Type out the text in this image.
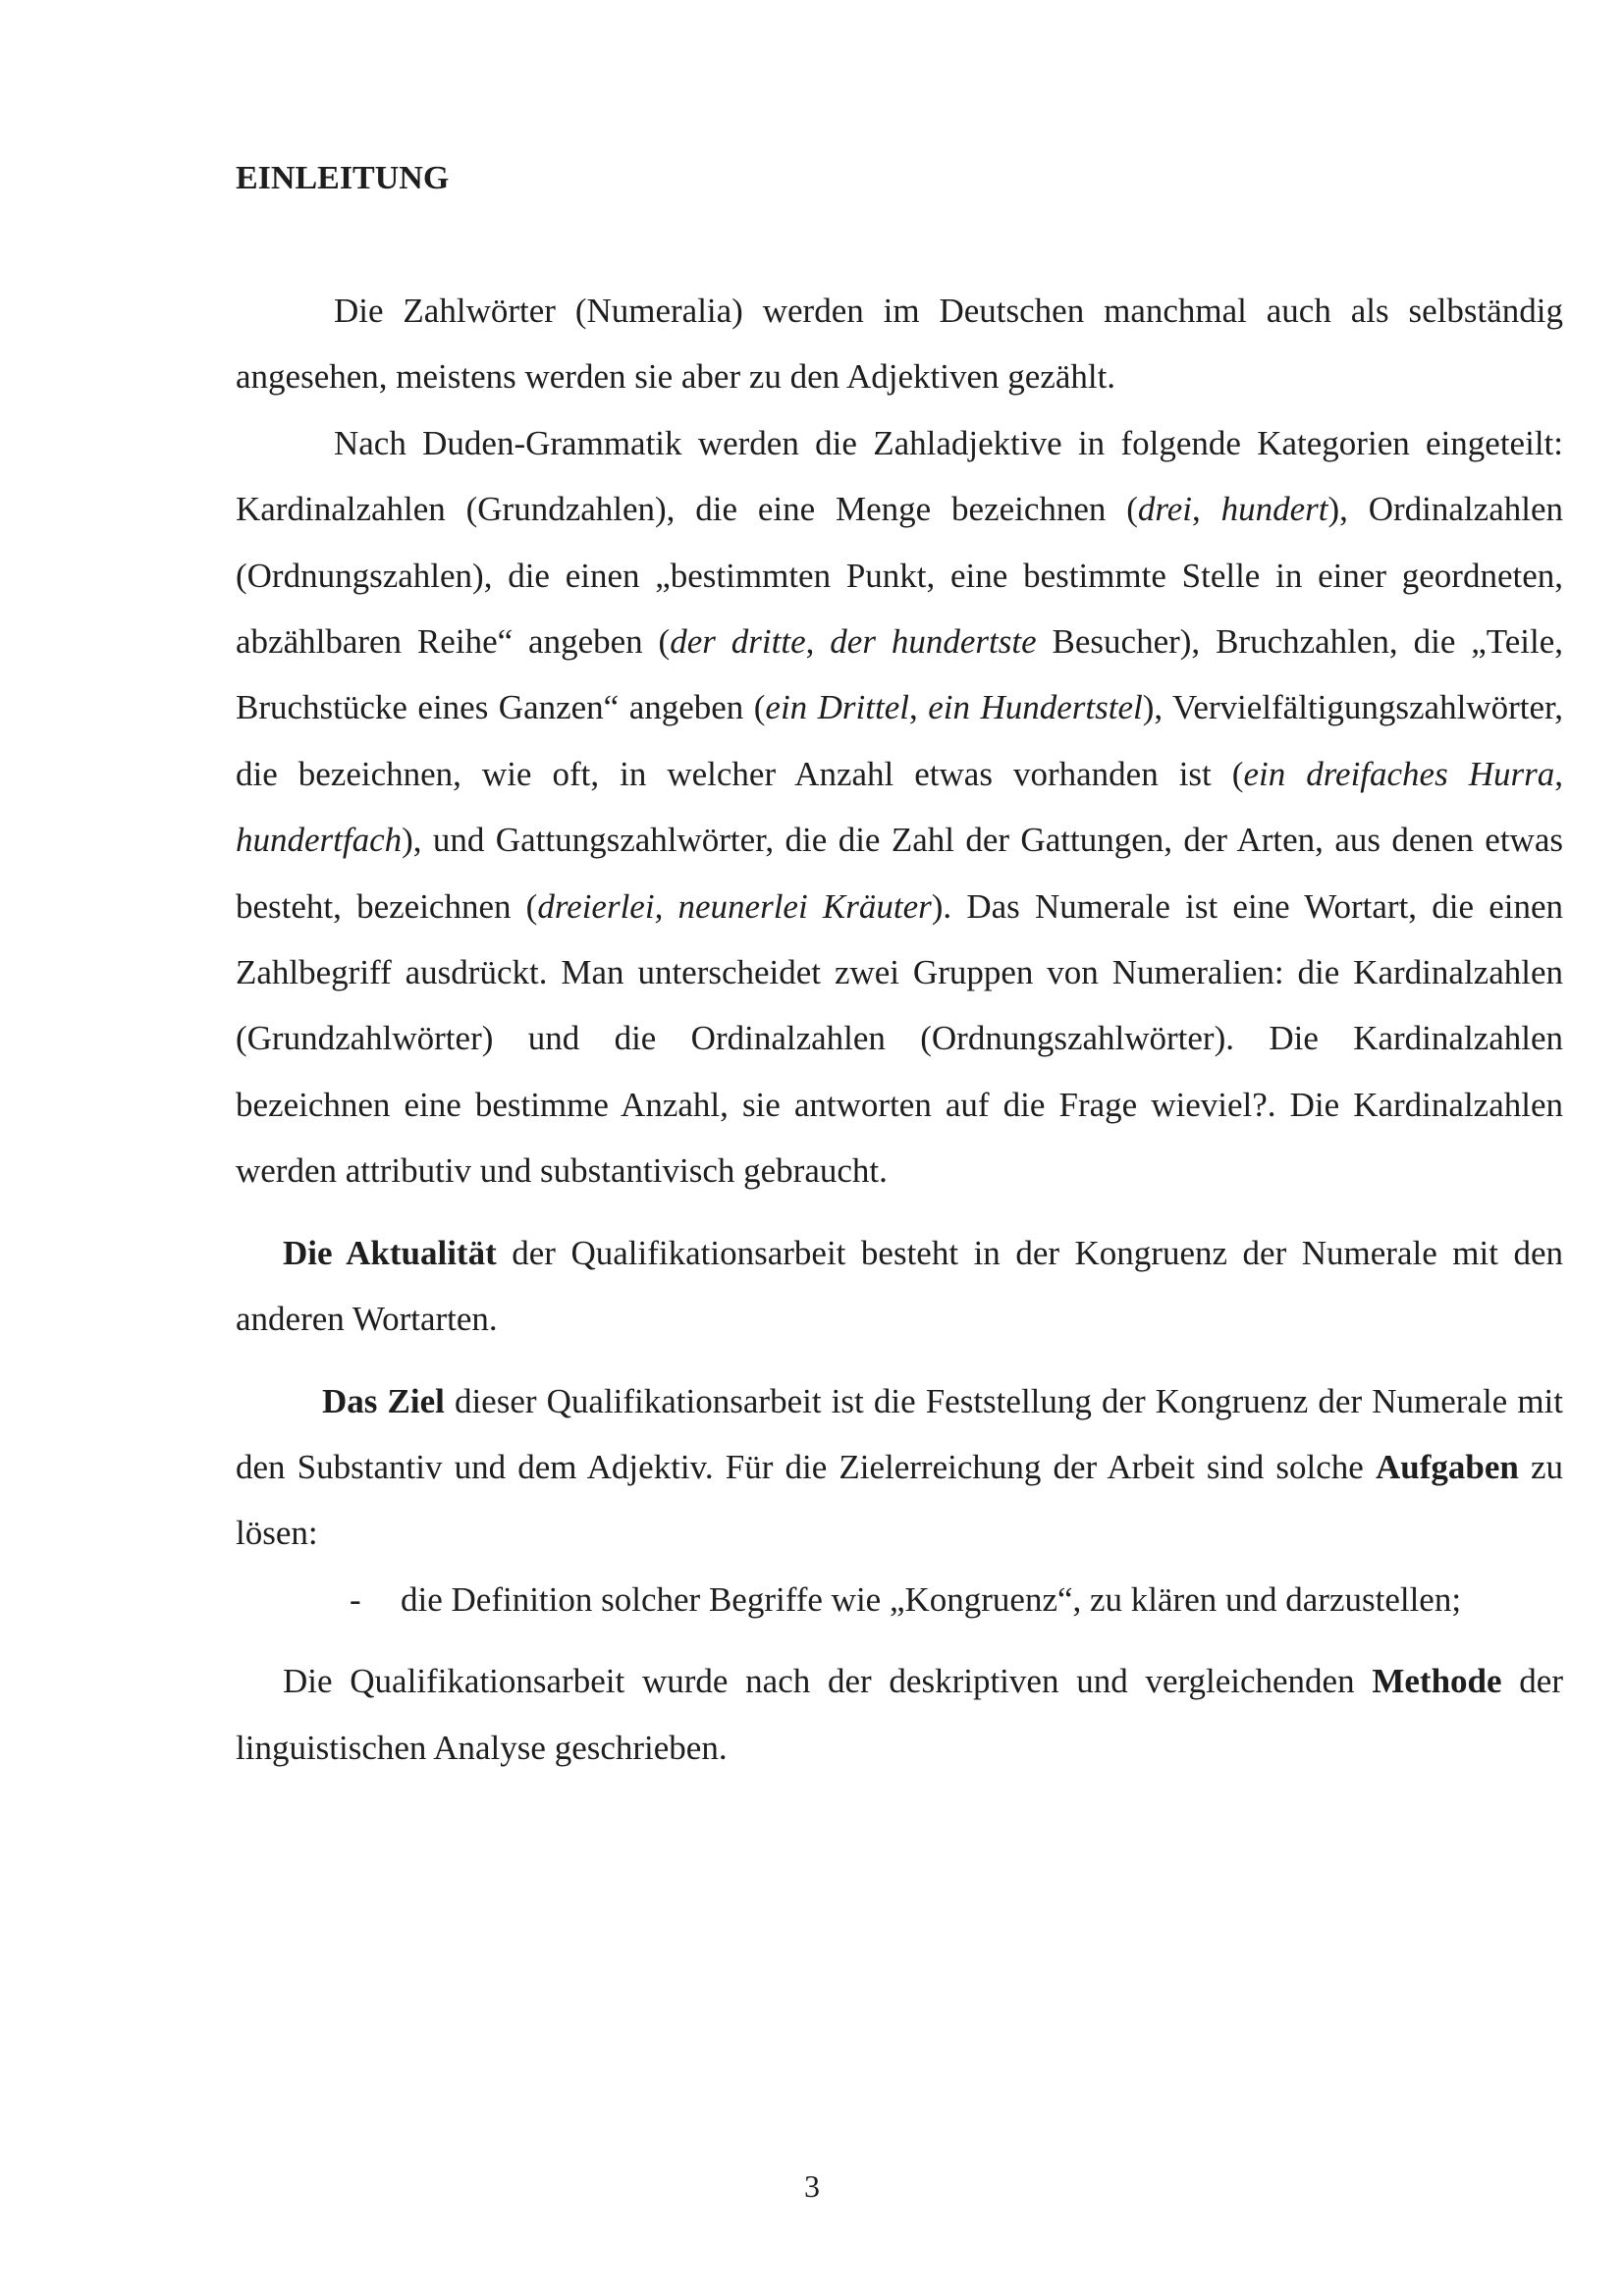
EINLEITUNG

Die Zahlwörter (Numeralia) werden im Deutschen manchmal auch als selbständig angesehen, meistens werden sie aber zu den Adjektiven gezählt.

Nach Duden-Grammatik werden die Zahladjektive in folgende Kategorien eingeteilt: Kardinalzahlen (Grundzahlen), die eine Menge bezeichnen (drei, hundert), Ordinalzahlen (Ordnungszahlen), die einen „bestimmten Punkt, eine bestimmte Stelle in einer geordneten, abzählbaren Reihe“ angeben (der dritte, der hundertste Besucher), Bruchzahlen, die „Teile, Bruchstücke eines Ganzen“ angeben (ein Drittel, ein Hundertstel), Vervielfältigungszahlwörter, die bezeichnen, wie oft, in welcher Anzahl etwas vorhanden ist (ein dreifaches Hurra, hundertfach), und Gattungszahlwörter, die die Zahl der Gattungen, der Arten, aus denen etwas besteht, bezeichnen (dreierlei, neunerlei Kräuter). Das Numerale ist eine Wortart, die einen Zahlbegriff ausdrückt. Man unterscheidet zwei Gruppen von Numeralien: die Kardinalzahlen (Grundzahlwörter) und die Ordinalzahlen (Ordnungszahlwörter). Die Kardinalzahlen bezeichnen eine bestimme Anzahl, sie antworten auf die Frage wieviel?. Die Kardinalzahlen werden attributiv und substantivisch gebraucht.

Die Aktualität der Qualifikationsarbeit besteht in der Kongruenz der Numerale mit den anderen Wortarten.

Das Ziel dieser Qualifikationsarbeit ist die Feststellung der Kongruenz der Numerale mit den Substantiv und dem Adjektiv. Für die Zielerreichung der Arbeit sind solche Aufgaben zu lösen:

- die Definition solcher Begriffe wie „Kongruenz“, zu klären und darzustellen;

Die Qualifikationsarbeit wurde nach der deskriptiven und vergleichenden Methode der linguistischen Analyse geschrieben.

3
